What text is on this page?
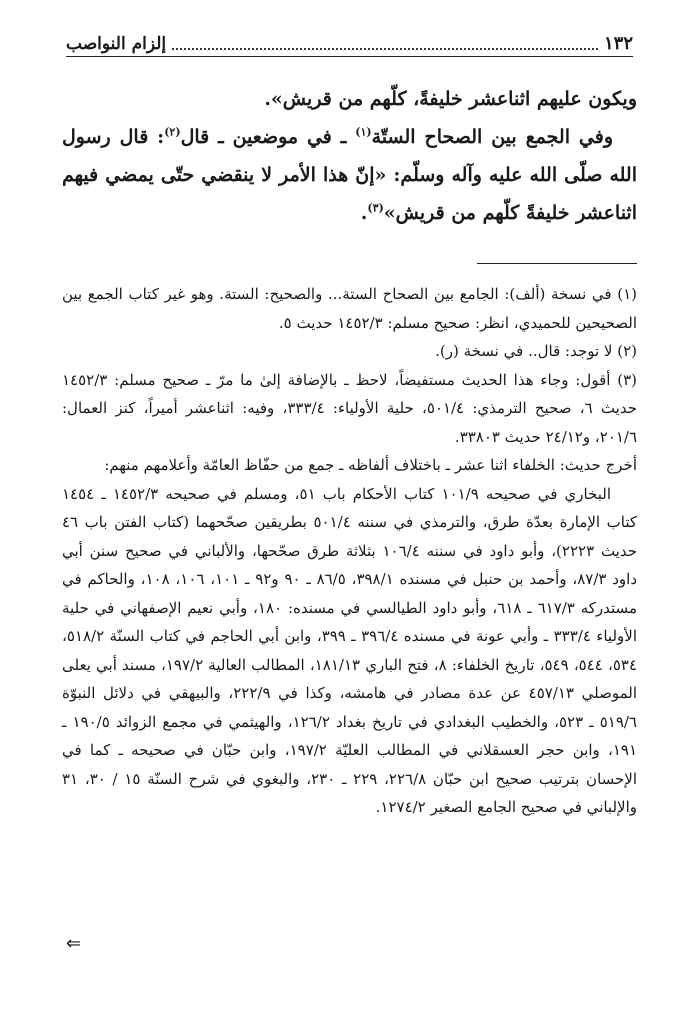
١٣٢
إلزام النواصب

ويكون عليهم اثناعشر خليفةً، كلّهم من قريش».

وفي الجمع بين الصحاح الستّة$^{(١)}$ ـ في موضعين ـ قال$^{(٢)}$: قال رسول الله صلّى الله عليه وآله وسلّم: «إنّ هذا الأمر لا ينقضي حتّى يمضي فيهم اثناعشر خليفةً كلّهم من قريش»$^{(٣)}$.

(١) في نسخة (ألف): الجامع بين الصحاح الستة... والصحيح: الستة. وهو غير كتاب الجمع بين الصحيحين للحميدي، انظر: صحيح مسلم: ١٤٥٢/٣ حديث ٥.

(٢) لا توجد: قال.. في نسخة (ر).

(٣) أقول: وجاء هذا الحديث مستفيضاً، لاحظ ـ بالإضافة إلىٰ ما مرّ ـ صحيح مسلم: ١٤٥٢/٣ حديث ٦، صحيح الترمذي: ٥٠١/٤، حلية الأولياء: ٣٣٣/٤، وفيه: اثناعشر أميراً، كنز العمال: ٢٠١/٦، و٢٤/١٢ حديث ٣٣٨٠٣.

أخرج حديث: الخلفاء اثنا عشر ـ باختلاف ألفاظه ـ جمع من حفّاظ العامّة وأعلامهم منهم:

البخاري في صحيحه ١٠١/٩ كتاب الأحكام باب ٥١، ومسلم في صحيحه ١٤٥٢/٣ ـ ١٤٥٤ كتاب الإمارة بعدّة طرق، والترمذي في سننه ٥٠١/٤ بطريقين صحّحهما (كتاب الفتن باب ٤٦ حديث ٢٢٢٣)، وأبو داود في سننه ١٠٦/٤ بثلاثة طرق صحّحها، والألباني في صحيح سنن أبي داود ٨٧/٣، وأحمد بن حنبل في مسنده ٣٩٨/١، ٨٦/٥ ـ ٩٠ و٩٢ ـ ١٠١، ١٠٦، ١٠٨، والحاكم في مستدركه ٦١٧/٣ ـ ٦١٨، وأبو داود الطيالسي في مسنده: ١٨٠، وأبي نعيم الإصفهاني في حلية الأولياء ٣٣٣/٤ ـ وأبي عونة في مسنده ٣٩٦/٤ ـ ٣٩٩، وابن أبي الحاجم في كتاب السنّة ٥١٨/٢، ٥٣٤، ٥٤٤، ٥٤٩، تاريخ الخلفاء: ٨، فتح الباري ١٨١/١٣، المطالب العالية ١٩٧/٢، مسند أبي يعلى الموصلي ٤٥٧/١٣ عن عدة مصادر في هامشه، وكذا في ٢٢٢/٩، والبيهقي في دلائل النبوّة ٥١٩/٦ ـ ٥٢٣، والخطيب البغدادي في تاريخ بغداد ١٢٦/٢، والهيثمي في مجمع الزوائد ١٩٠/٥ ـ ١٩١، وابن حجر العسقلاني في المطالب العليّة ١٩٧/٢، وابن حبّان في صحيحه ـ كما في الإحسان بترتيب صحيح ابن حبّان ٢٢٦/٨، ٢٢٩ ـ ٢٣٠، والبغوي في شرح السنّة ١٥ / ٣٠، ٣١ والإلباني في صحيح الجامع الصغير ١٢٧٤/٢.

⇐
